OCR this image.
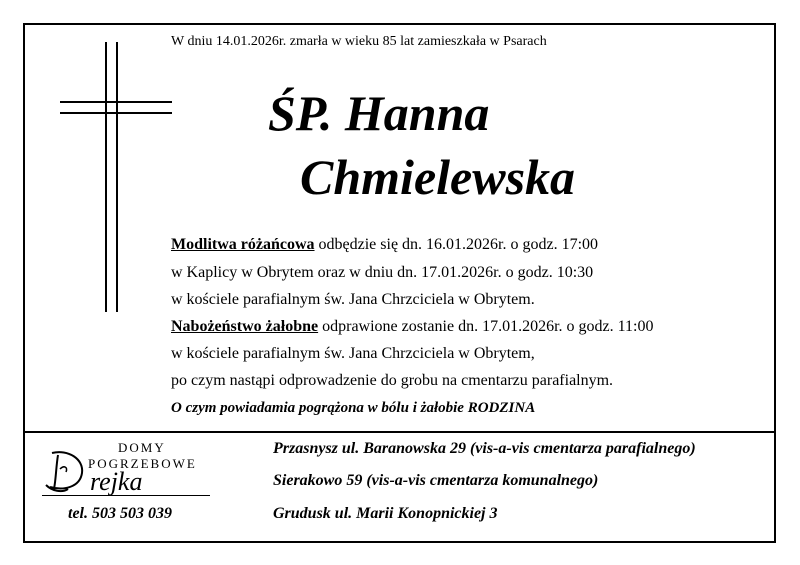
W dniu 14.01.2026r. zmarła w wieku 85 lat zamieszkała w Psarach
ŚP. Hanna
Chmielewska
Modlitwa różańcowa odbędzie się dn. 16.01.2026r. o godz. 17:00
w Kaplicy w Obrytem oraz w dniu dn. 17.01.2026r. o godz. 10:30
w kościele parafialnym św. Jana Chrzciciela w Obrytem.
Nabożeństwo żałobne odprawione zostanie dn. 17.01.2026r. o godz. 11:00
w kościele parafialnym św. Jana Chrzciciela w Obrytem,
po czym nastąpi odprowadzenie do grobu na cmentarzu parafialnym.
O czym powiadamia pogrążona w bólu i żałobie RODZINA
DOMY
POGRZEBOWE
rejka
tel. 503 503 039
Przasnysz ul. Baranowska 29 (vis-a-vis cmentarza parafialnego)
Sierakowo 59 (vis-a-vis cmentarza komunalnego)
Grudusk ul. Marii Konopnickiej 3
